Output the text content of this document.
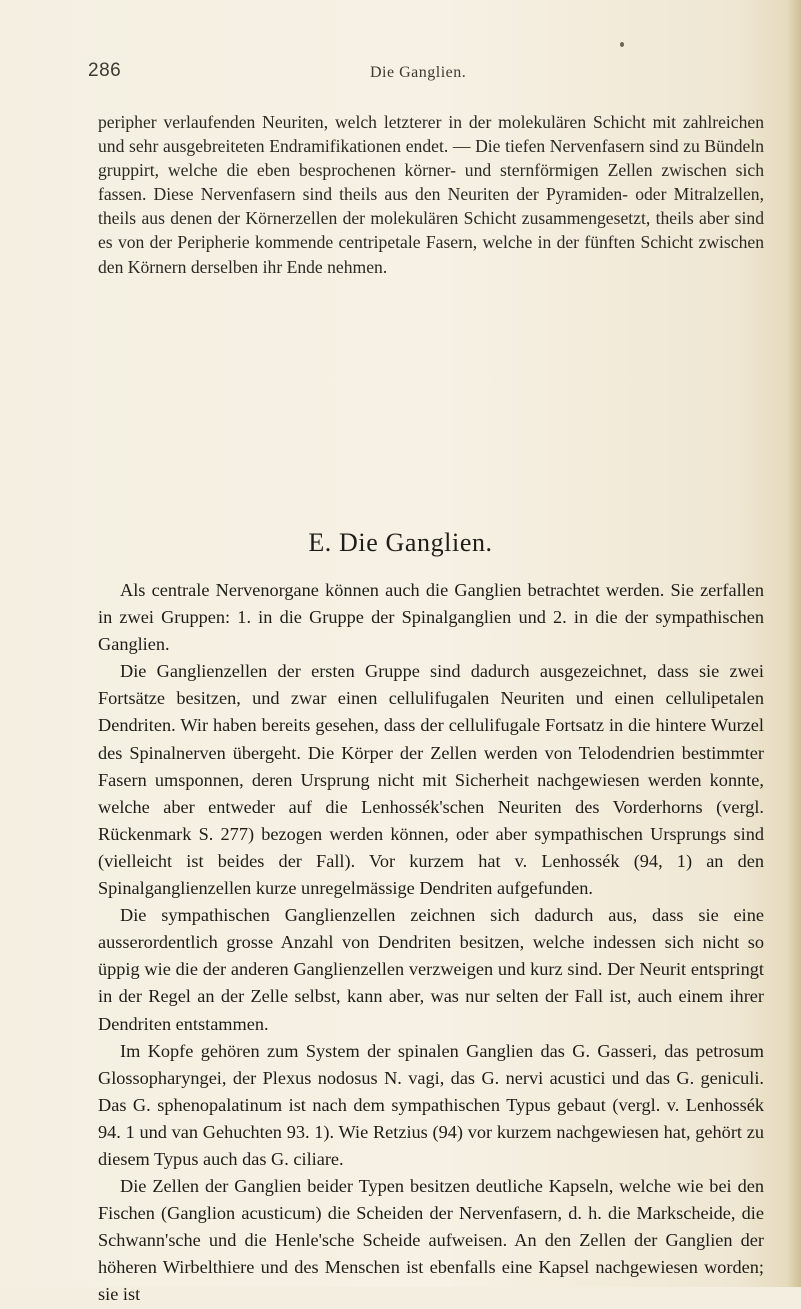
286	Die Ganglien.

peripher verlaufenden Neuriten, welch letzterer in der molekulären Schicht mit zahlreichen und sehr ausgebreiteten Endramifikationen endet. — Die tiefen Nervenfasern sind zu Bündeln gruppirt, welche die eben besprochenen körner- und sternförmigen Zellen zwischen sich fassen. Diese Nervenfasern sind theils aus den Neuriten der Pyramiden- oder Mitralzellen, theils aus denen der Körnerzellen der molekulären Schicht zusammengesetzt, theils aber sind es von der Peripherie kommende centripetale Fasern, welche in der fünften Schicht zwischen den Körnern derselben ihr Ende nehmen.

E. Die Ganglien.

Als centrale Nervenorgane können auch die Ganglien betrachtet werden. Sie zerfallen in zwei Gruppen: 1. in die Gruppe der Spinalganglien und 2. in die der sympathischen Ganglien.

Die Ganglienzellen der ersten Gruppe sind dadurch ausgezeichnet, dass sie zwei Fortsätze besitzen, und zwar einen cellulifugalen Neuriten und einen cellulipetalen Dendriten. Wir haben bereits gesehen, dass der cellulifugale Fortsatz in die hintere Wurzel des Spinalnerven übergeht. Die Körper der Zellen werden von Telodendrien bestimmter Fasern umsponnen, deren Ursprung nicht mit Sicherheit nachgewiesen werden konnte, welche aber entweder auf die Lenhossék'schen Neuriten des Vorderhorns (vergl. Rückenmark S. 277) bezogen werden können, oder aber sympathischen Ursprungs sind (vielleicht ist beides der Fall). Vor kurzem hat v. Lenhossék (94, 1) an den Spinalganglienzellen kurze unregelmässige Dendriten aufgefunden.

Die sympathischen Ganglienzellen zeichnen sich dadurch aus, dass sie eine ausserordentlich grosse Anzahl von Dendriten besitzen, welche indessen sich nicht so üppig wie die der anderen Ganglienzellen verzweigen und kurz sind. Der Neurit entspringt in der Regel an der Zelle selbst, kann aber, was nur selten der Fall ist, auch einem ihrer Dendriten entstammen.

Im Kopfe gehören zum System der spinalen Ganglien das G. Gasseri, das petrosum Glossopharyngei, der Plexus nodosus N. vagi, das G. nervi acustici und das G. geniculi. Das G. sphenopalatinum ist nach dem sympathischen Typus gebaut (vergl. v. Lenhossék 94. 1 und van Gehuchten 93. 1). Wie Retzius (94) vor kurzem nachgewiesen hat, gehört zu diesem Typus auch das G. ciliare.

Die Zellen der Ganglien beider Typen besitzen deutliche Kapseln, welche wie bei den Fischen (Ganglion acusticum) die Scheiden der Nervenfasern, d. h. die Markscheide, die Schwann'sche und die Henle'sche Scheide aufweisen. An den Zellen der Ganglien der höheren Wirbelthiere und des Menschen ist ebenfalls eine Kapsel nachgewiesen worden; sie ist
